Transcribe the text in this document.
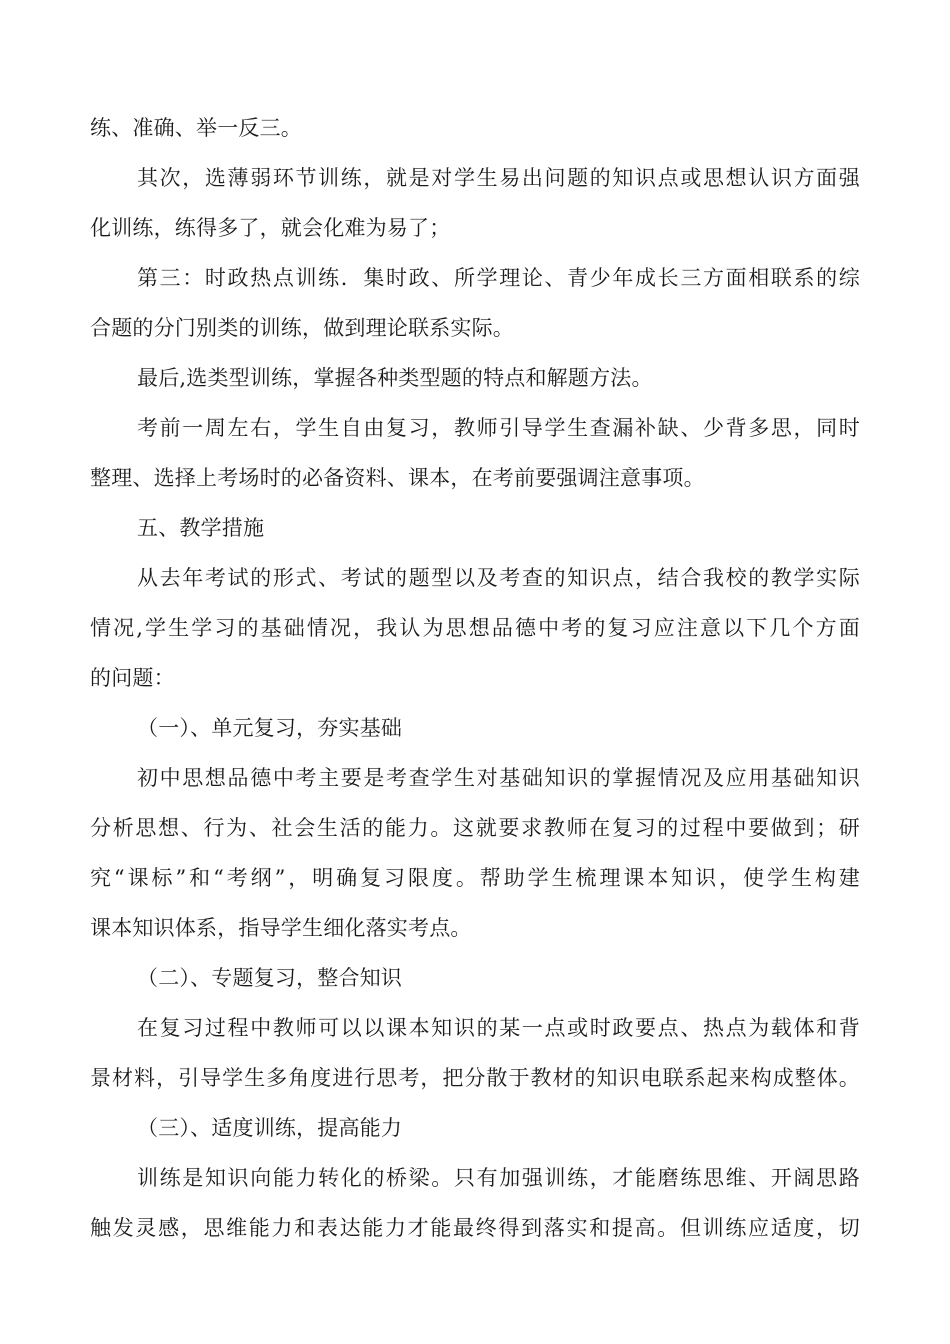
练、准确、举一反三。
其次，选薄弱环节训练，就是对学生易出问题的知识点或思想认识方面强
化训练，练得多了，就会化难为易了；
第三：时政热点训练．集时政、所学理论、青少年成长三方面相联系的综
合题的分门别类的训练，做到理论联系实际。
最后,选类型训练，掌握各种类型题的特点和解题方法。
考前一周左右，学生自由复习，教师引导学生查漏补缺、少背多思，同时
整理、选择上考场时的必备资料、课本，在考前要强调注意事项。
五、教学措施
从去年考试的形式、考试的题型以及考查的知识点，结合我校的教学实际
情况,学生学习的基础情况，我认为思想品德中考的复习应注意以下几个方面
的问题：
（一）、单元复习，夯实基础
初中思想品德中考主要是考查学生对基础知识的掌握情况及应用基础知识
分析思想、行为、社会生活的能力。这就要求教师在复习的过程中要做到；研
究“课标”和“考纲”，明确复习限度。帮助学生梳理课本知识，使学生构建
课本知识体系，指导学生细化落实考点。
（二）、专题复习，整合知识
在复习过程中教师可以以课本知识的某一点或时政要点、热点为载体和背
景材料，引导学生多角度进行思考，把分散于教材的知识电联系起来构成整体。
（三）、适度训练，提高能力
训练是知识向能力转化的桥梁。只有加强训练，才能磨练思维、开阔思路
触发灵感，思维能力和表达能力才能最终得到落实和提高。但训练应适度，切
